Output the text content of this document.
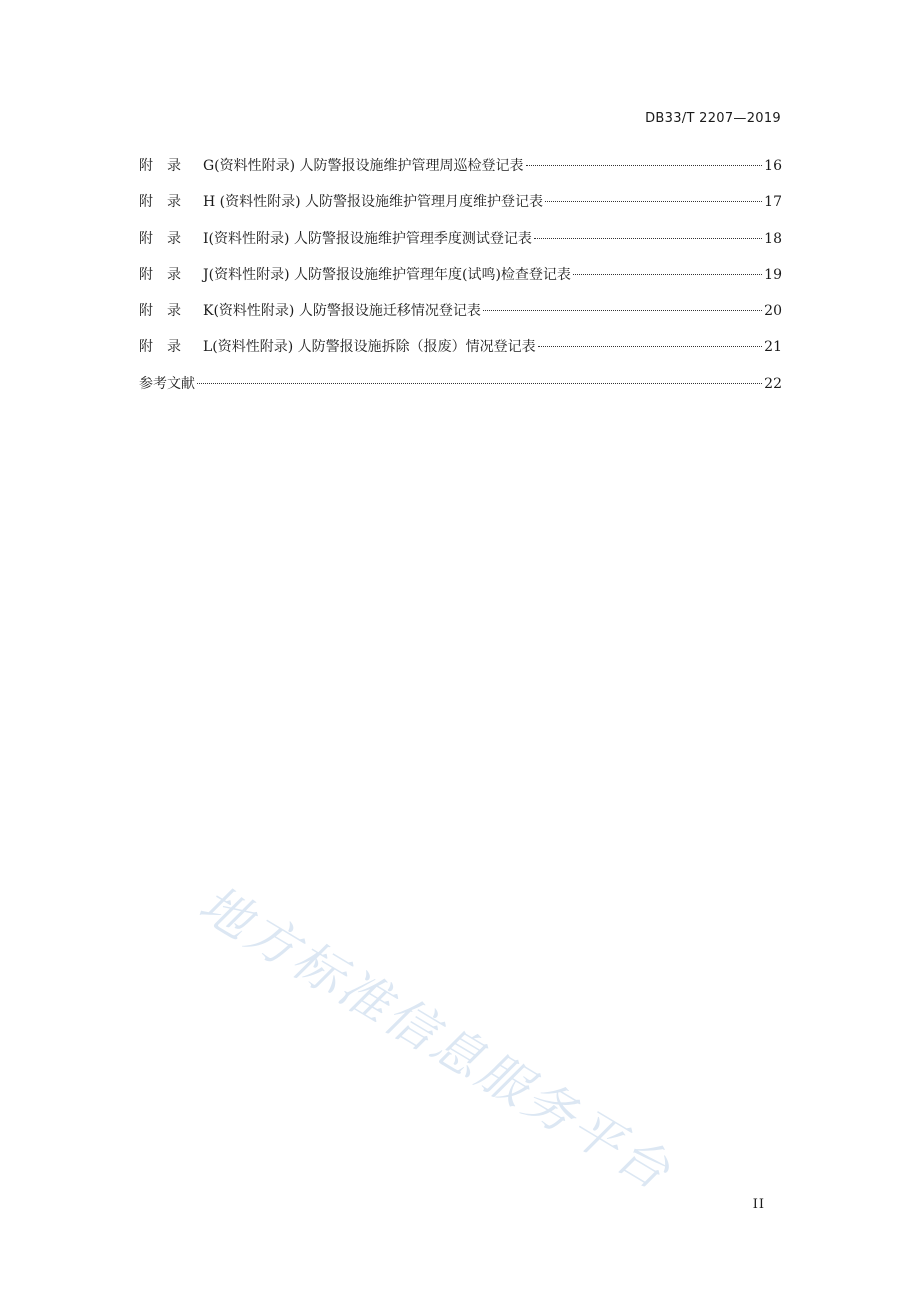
DB33/T 2207—2019
附 录	G(资料性附录) 人防警报设施维护管理周巡检登记表	16
附 录	H (资料性附录) 人防警报设施维护管理月度维护登记表	17
附 录	I(资料性附录) 人防警报设施维护管理季度测试登记表	18
附 录	J(资料性附录) 人防警报设施维护管理年度(试鸣)检查登记表	19
附 录	K(资料性附录) 人防警报设施迁移情况登记表	20
附 录	L(资料性附录) 人防警报设施拆除（报废）情况登记表	21
参考文献	22
地方标准信息服务平台
II
